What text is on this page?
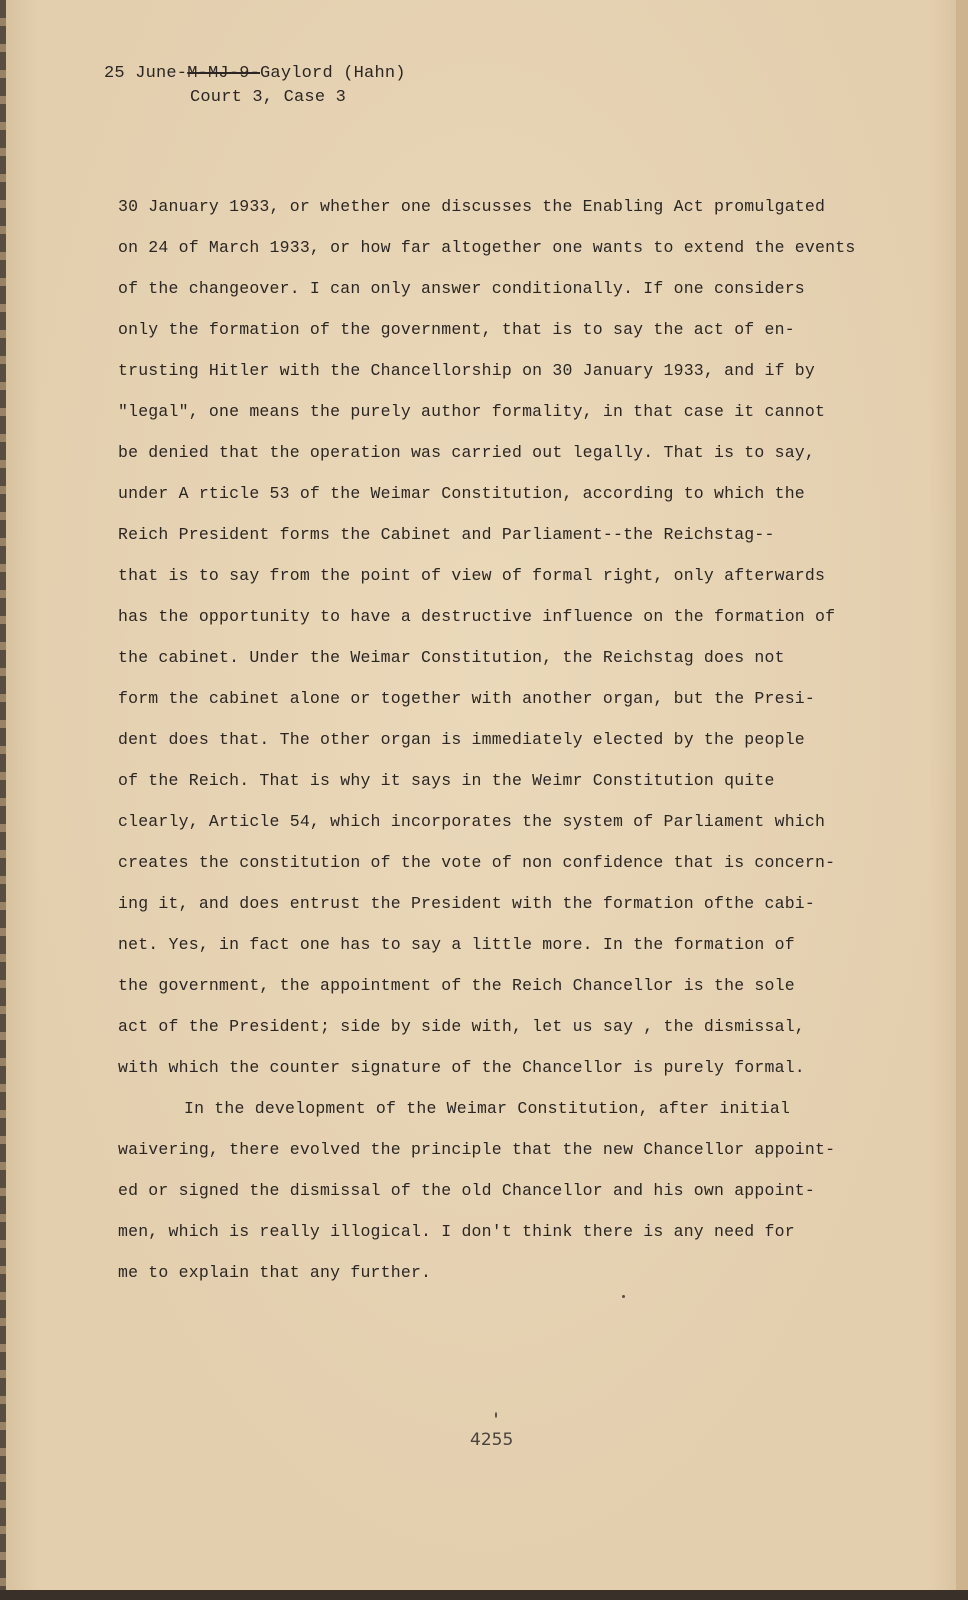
25 June-M-MJ-9-Gaylord (Hahn)
Court 3, Case 3
30 January 1933, or whether one discusses the Enabling Act promulgated
on 24 of March 1933, or how far altogether one wants to extend the events
of the changeover. I can only answer conditionally. If one considers
only the formation of the government, that is to say the act of en-
trusting Hitler with the Chancellorship on 30 January 1933, and if by
"legal", one means the purely author formality, in that case it cannot
be denied that the operation was carried out legally. That is to say,
under A rticle 53 of the Weimar Constitution, according to which the
Reich President forms the Cabinet and Parliament--the Reichstag--
that is to say from the point of view of formal right, only afterwards
has the opportunity to have a destructive influence on the formation of
the cabinet. Under the Weimar Constitution, the Reichstag does not
form the cabinet alone or together with another organ, but the Presi-
dent does that. The other organ is immediately elected by the people
of the Reich. That is why it says in the Weimr Constitution quite
clearly, Article 54, which incorporates the system of Parliament which
creates the constitution of the vote of non confidence that is concern-
ing it, and does entrust the President with the formation ofthe cabi-
net. Yes, in fact one has to say a little more. In the formation of
the government, the appointment of the Reich Chancellor is the sole
act of the President; side by side with, let us say , the dismissal,
with which the counter signature of the Chancellor is purely formal.
In the development of the Weimar Constitution, after initial
waivering, there evolved the principle that the new Chancellor appoint-
ed or signed the dismissal of the old Chancellor and his own appoint-
men, which is really illogical. I don't think there is any need for
me to explain that any further.
4255
